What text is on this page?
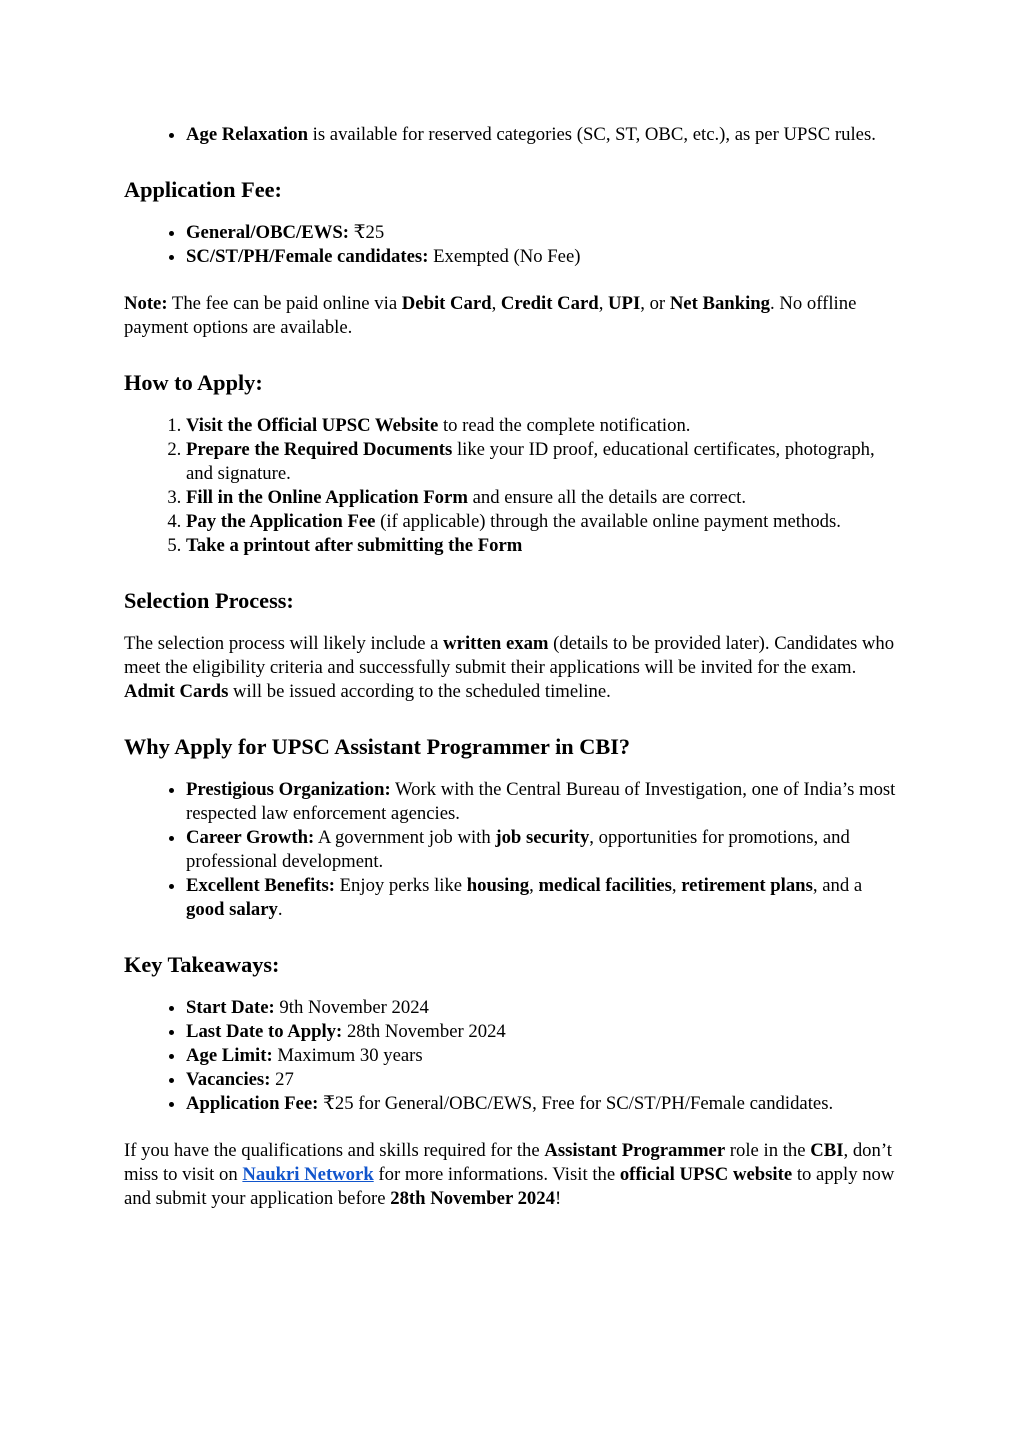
• Age Relaxation is available for reserved categories (SC, ST, OBC, etc.), as per UPSC rules.
Application Fee:
• General/OBC/EWS: ₹25
• SC/ST/PH/Female candidates: Exempted (No Fee)

Note: The fee can be paid online via Debit Card, Credit Card, UPI, or Net Banking. No offline payment options are available.

How to Apply:
1. Visit the Official UPSC Website to read the complete notification.
2. Prepare the Required Documents like your ID proof, educational certificates, photograph, and signature.
3. Fill in the Online Application Form and ensure all the details are correct.
4. Pay the Application Fee (if applicable) through the available online payment methods.
5. Take a printout after submitting the Form
Selection Process:

The selection process will likely include a written exam (details to be provided later). Candidates who meet the eligibility criteria and successfully submit their applications will be invited for the exam. Admit Cards will be issued according to the scheduled timeline.

Why Apply for UPSC Assistant Programmer in CBI?
• Prestigious Organization: Work with the Central Bureau of Investigation, one of India’s most respected law enforcement agencies.
• Career Growth: A government job with job security, opportunities for promotions, and professional development.
• Excellent Benefits: Enjoy perks like housing, medical facilities, retirement plans, and a good salary.
Key Takeaways:
• Start Date: 9th November 2024
• Last Date to Apply: 28th November 2024
• Age Limit: Maximum 30 years
• Vacancies: 27
• Application Fee: ₹25 for General/OBC/EWS, Free for SC/ST/PH/Female candidates.

If you have the qualifications and skills required for the Assistant Programmer role in the CBI, don’t miss to visit on Naukri Network for more informations. Visit the official UPSC website to apply now and submit your application before 28th November 2024!
